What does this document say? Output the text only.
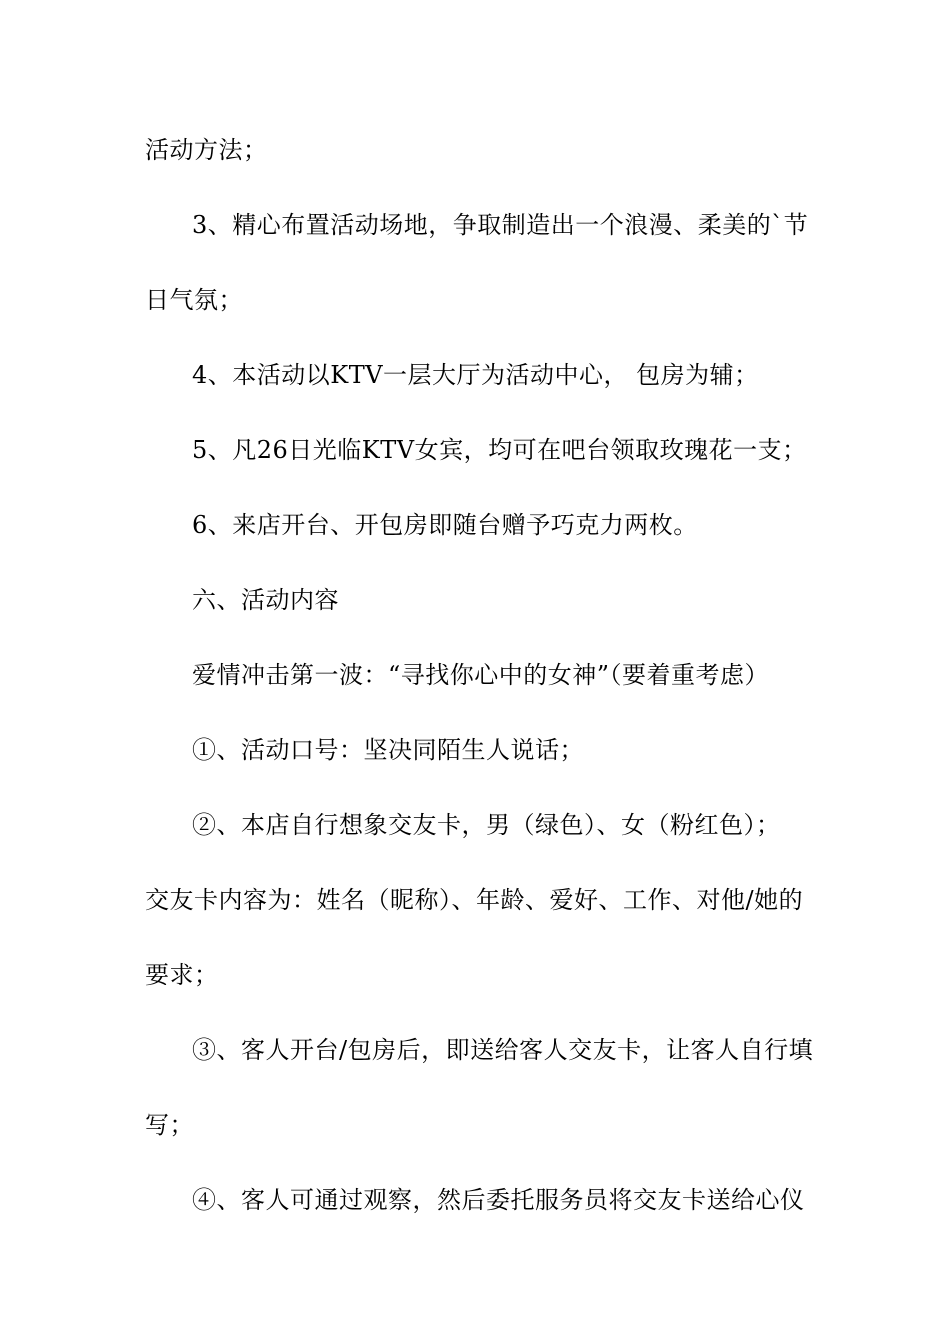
活动方法；
3、精心布置活动场地，争取制造出一个浪漫、柔美的`节
日气氛；
4、本活动以KTV一层大厅为活动中心， 包房为辅；
5、凡26日光临KTV女宾，均可在吧台领取玫瑰花一支；
6、来店开台、开包房即随台赠予巧克力两枚。
六、活动内容
爱情冲击第一波：“寻找你心中的女神”（要着重考虑）
①、活动口号：坚决同陌生人说话；
②、本店自行想象交友卡，男（绿色）、女（粉红色）；
交友卡内容为：姓名（昵称）、年龄、爱好、工作、对他/她的
要求；
③、客人开台/包房后，即送给客人交友卡，让客人自行填
写；
④、客人可通过观察，然后委托服务员将交友卡送给心仪
